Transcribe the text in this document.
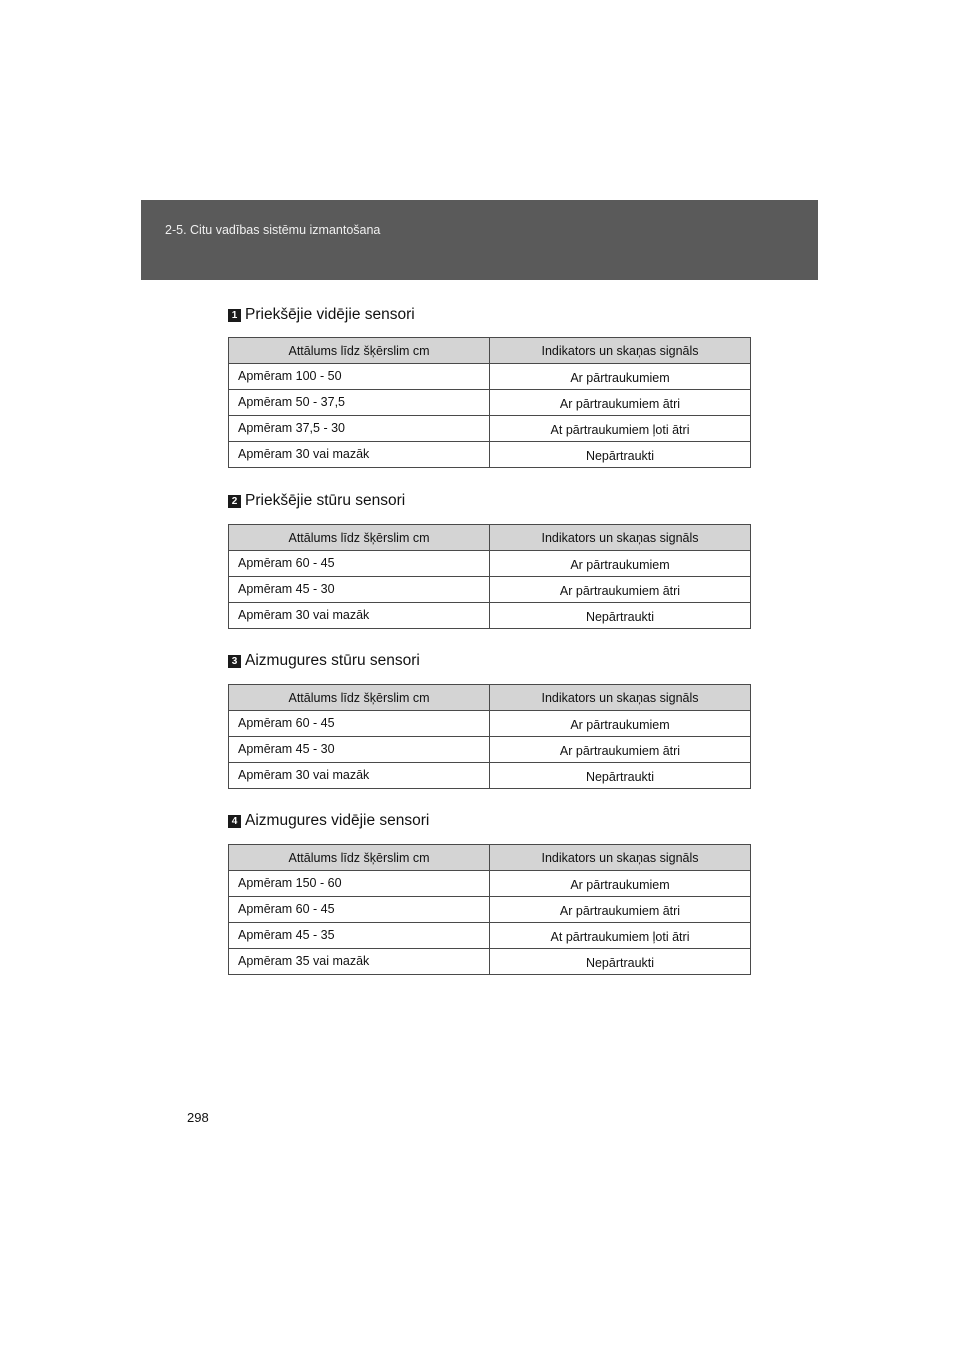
2-5. Citu vadības sistēmu izmantošana
1 Priekšējie vidējie sensori
Attālums līdz šķērslim cm	Indikators un skaņas signāls
Apmēram 100 - 50	Ar pārtraukumiem
Apmēram 50 - 37,5	Ar pārtraukumiem ātri
Apmēram 37,5 - 30	At pārtraukumiem ļoti ātri
Apmēram 30 vai mazāk	Nepārtraukti
2 Priekšējie stūru sensori
Attālums līdz šķērslim cm	Indikators un skaņas signāls
Apmēram 60 - 45	Ar pārtraukumiem
Apmēram 45 - 30	Ar pārtraukumiem ātri
Apmēram 30 vai mazāk	Nepārtraukti
3 Aizmugures stūru sensori
Attālums līdz šķērslim cm	Indikators un skaņas signāls
Apmēram 60 - 45	Ar pārtraukumiem
Apmēram 45 - 30	Ar pārtraukumiem ātri
Apmēram 30 vai mazāk	Nepārtraukti
4 Aizmugures vidējie sensori
Attālums līdz šķērslim cm	Indikators un skaņas signāls
Apmēram 150 - 60	Ar pārtraukumiem
Apmēram 60 - 45	Ar pārtraukumiem ātri
Apmēram 45 - 35	At pārtraukumiem ļoti ātri
Apmēram 35 vai mazāk	Nepārtraukti
298
